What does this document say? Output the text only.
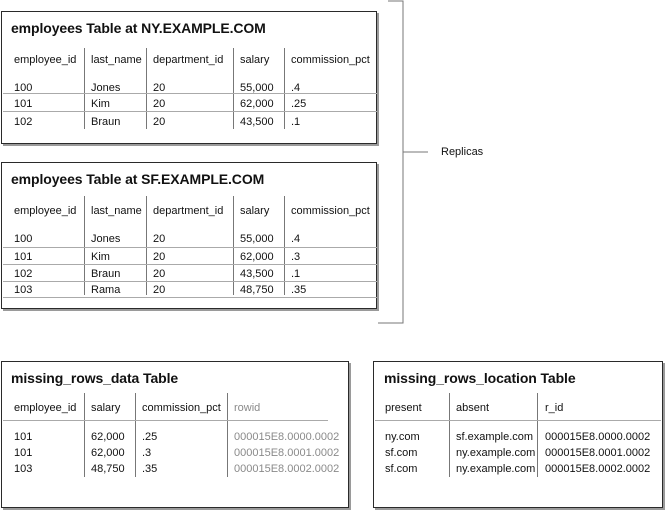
Replicas
employees Table at NY.EXAMPLE.COM
employee_id last_name department_id salary commission_pct
100	Jones	20	55,000 .4
101	Kim	20	62,000 .25
102	Braun	20	43,500 .1
employees Table at SF.EXAMPLE.COM
employee_id last_name department_id salary commission_pct
100	Jones	20	55,000 .4
101	Kim	20	62,000 .3
102	Braun	20	43,500 .1
103	Rama	20	48,750 .35
missing_rows_data Table
employee_id salary commission_pct rowid
101	62,000 .25	000015E8.0000.0002
101	62,000 .3	000015E8.0001.0002
103	48,750 .35	000015E8.0002.0002
missing_rows_location Table
present	absent	r_id
ny.com	sf.example.com 000015E8.0000.0002
sf.com	ny.example.com 000015E8.0001.0002
sf.com	ny.example.com 000015E8.0002.0002
